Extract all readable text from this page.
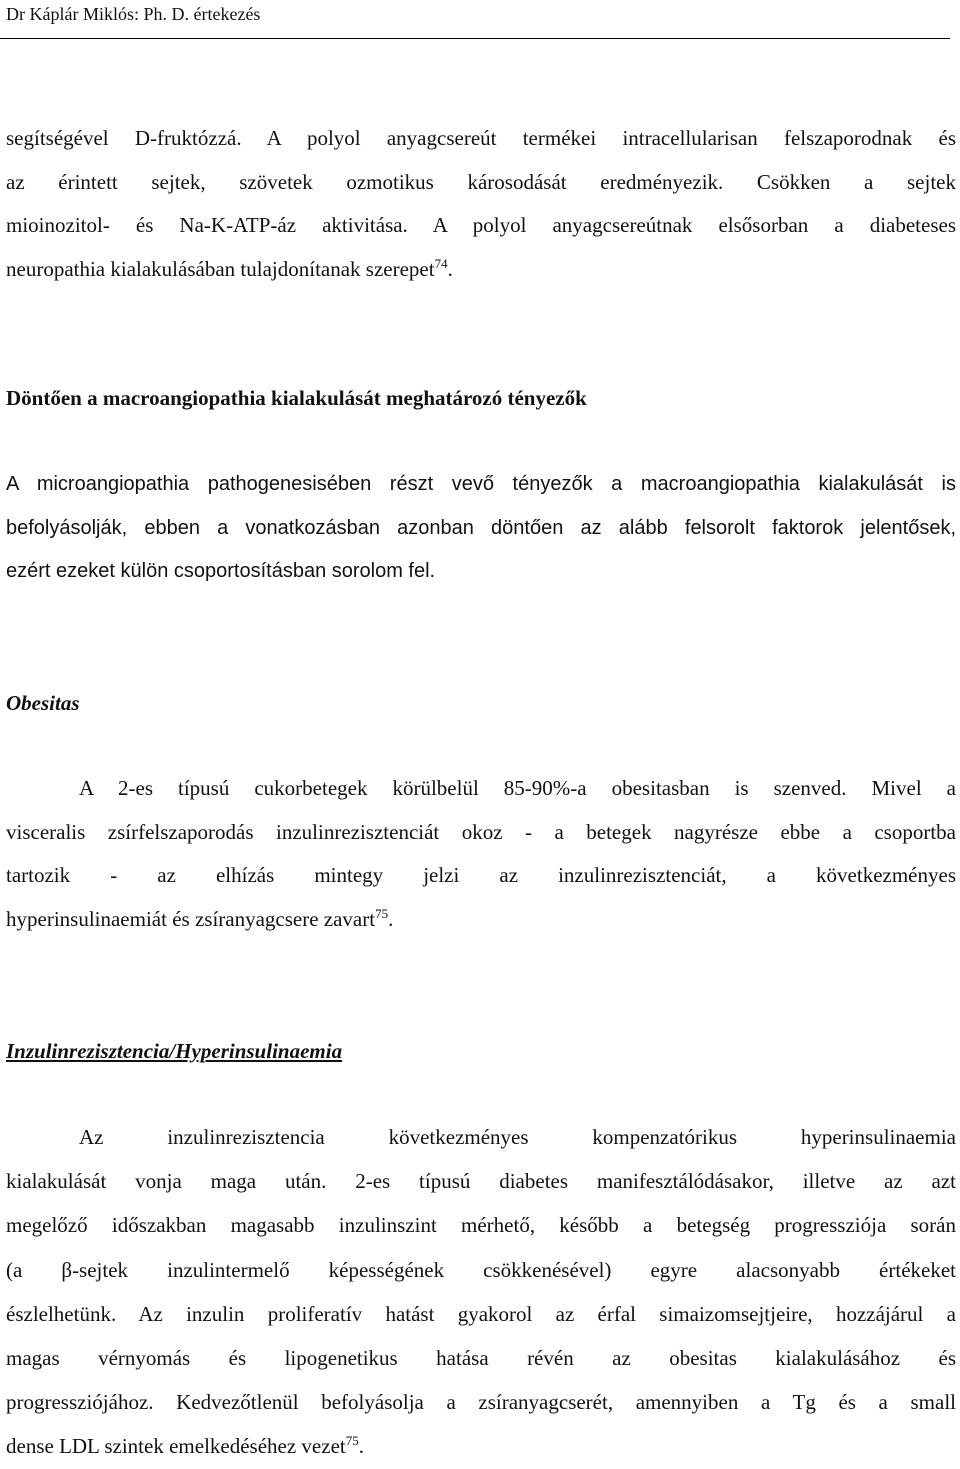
Dr Káplár Miklós: Ph. D. értekezés
segítségével D-fruktózzá. A polyol anyagcsereút termékei intracellularisan felszaporodnak és
az érintett sejtek, szövetek ozmotikus károsodását eredményezik. Csökken a sejtek
mioinozitol- és Na-K-ATP-áz aktivitása. A polyol anyagcsereútnak elsősorban a diabeteses
neuropathia kialakulásában tulajdonítanak szerepet$^{74}$.
Döntően a macroangiopathia kialakulását meghatározó tényezők
A microangiopathia pathogenesisében részt vevő tényezők a macroangiopathia kialakulását is
befolyásolják, ebben a vonatkozásban azonban döntően az alább felsorolt faktorok jelentősek,
ezért ezeket külön csoportosításban sorolom fel.
Obesitas
A 2-es típusú cukorbetegek körülbelül 85-90%-a obesitasban is szenved. Mivel a
visceralis zsírfelszaporodás inzulinrezisztenciát okoz - a betegek nagyrésze ebbe a csoportba
tartozik - az elhízás mintegy jelzi az inzulinrezisztenciát, a következményes
hyperinsulinaemiát és zsíranyagcsere zavart$^{75}$.
Inzulinrezisztencia/Hyperinsulinaemia
Az inzulinrezisztencia következményes kompenzatórikus hyperinsulinaemia
kialakulását vonja maga után. 2-es típusú diabetes manifesztálódásakor, illetve az azt
megelőző időszakban magasabb inzulinszint mérhető, később a betegség progressziója során
(a β-sejtek inzulintermelő képességének csökkenésével) egyre alacsonyabb értékeket
észlelhetünk. Az inzulin proliferatív hatást gyakorol az érfal simaizomsejtjeire, hozzájárul a
magas vérnyomás és lipogenetikus hatása révén az obesitas kialakulásához és
progressziójához. Kedvezőtlenül befolyásolja a zsíranyagcserét, amennyiben a Tg és a small
dense LDL szintek emelkedéséhez vezet$^{75}$.
